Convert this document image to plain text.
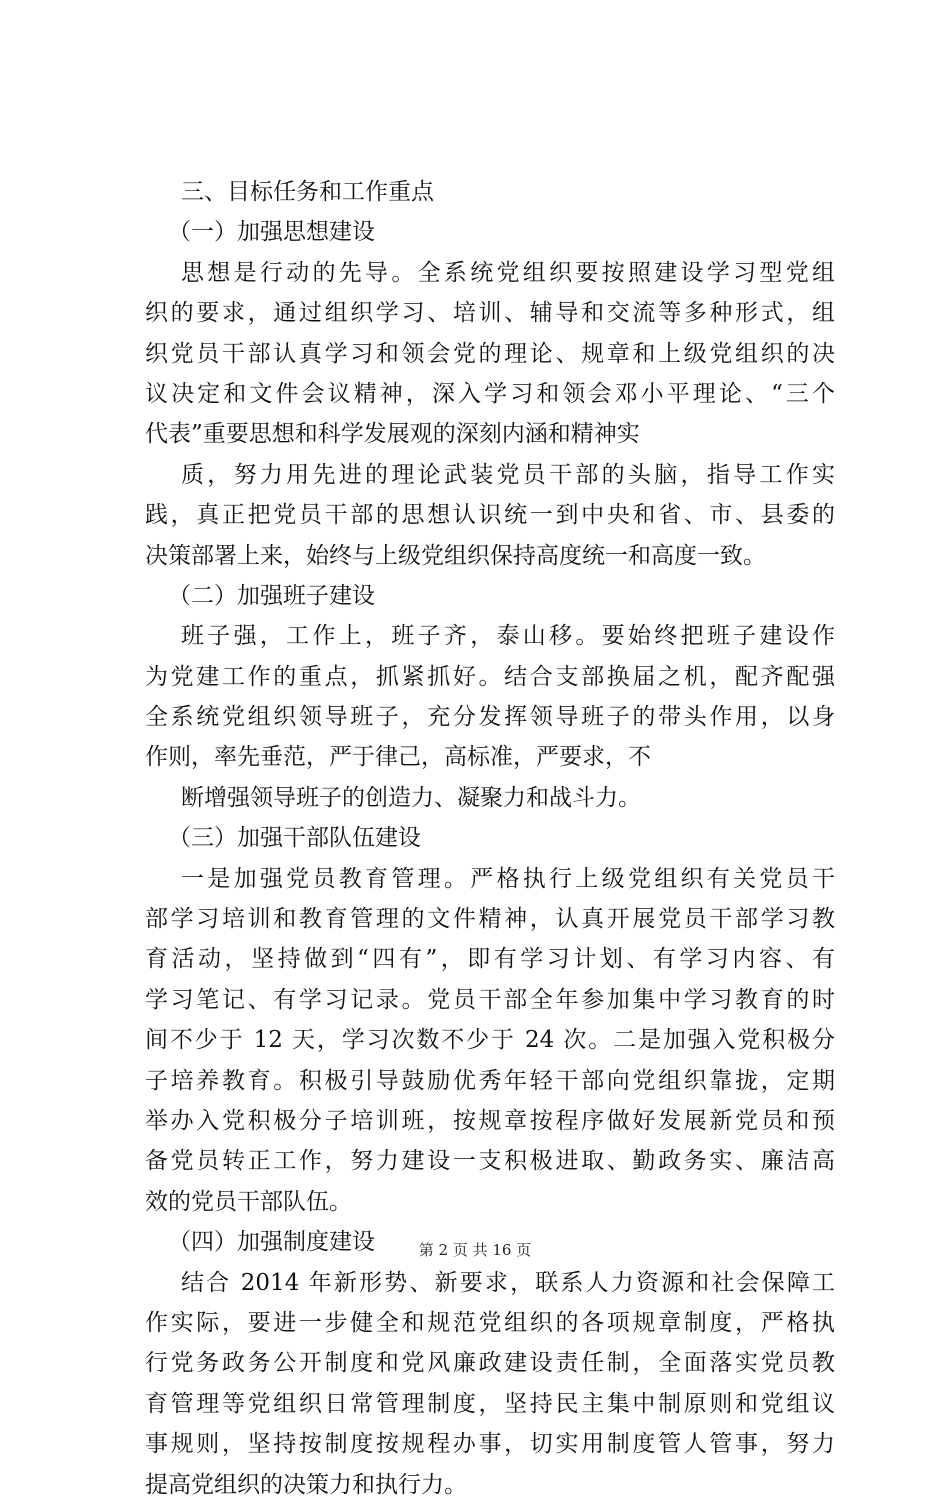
三、目标任务和工作重点
（一）加强思想建设
思想是行动的先导。全系统党组织要按照建设学习型党组
织的要求，通过组织学习、培训、辅导和交流等多种形式，组
织党员干部认真学习和领会党的理论、规章和上级党组织的决
议决定和文件会议精神，深入学习和领会邓小平理论、“三个
代表”重要思想和科学发展观的深刻内涵和精神实
质，努力用先进的理论武装党员干部的头脑，指导工作实
践，真正把党员干部的思想认识统一到中央和省、市、县委的
决策部署上来，始终与上级党组织保持高度统一和高度一致。
（二）加强班子建设
班子强，工作上，班子齐，泰山移。要始终把班子建设作
为党建工作的重点，抓紧抓好。结合支部换届之机，配齐配强
全系统党组织领导班子，充分发挥领导班子的带头作用，以身
作则，率先垂范，严于律己，高标准，严要求，不
断增强领导班子的创造力、凝聚力和战斗力。
（三）加强干部队伍建设
一是加强党员教育管理。严格执行上级党组织有关党员干
部学习培训和教育管理的文件精神，认真开展党员干部学习教
育活动，坚持做到“四有”，即有学习计划、有学习内容、有
学习笔记、有学习记录。党员干部全年参加集中学习教育的时
间不少于 12 天，学习次数不少于 24 次。二是加强入党积极分
子培养教育。积极引导鼓励优秀年轻干部向党组织靠拢，定期
举办入党积极分子培训班，按规章按程序做好发展新党员和预
备党员转正工作，努力建设一支积极进取、勤政务实、廉洁高
效的党员干部队伍。
（四）加强制度建设
结合 2014 年新形势、新要求，联系人力资源和社会保障工
作实际，要进一步健全和规范党组织的各项规章制度，严格执
行党务政务公开制度和党风廉政建设责任制，全面落实党员教
育管理等党组织日常管理制度，坚持民主集中制原则和党组议
事规则，坚持按制度按规程办事，切实用制度管人管事，努力
提高党组织的决策力和执行力。
第 2 页 共 16 页
